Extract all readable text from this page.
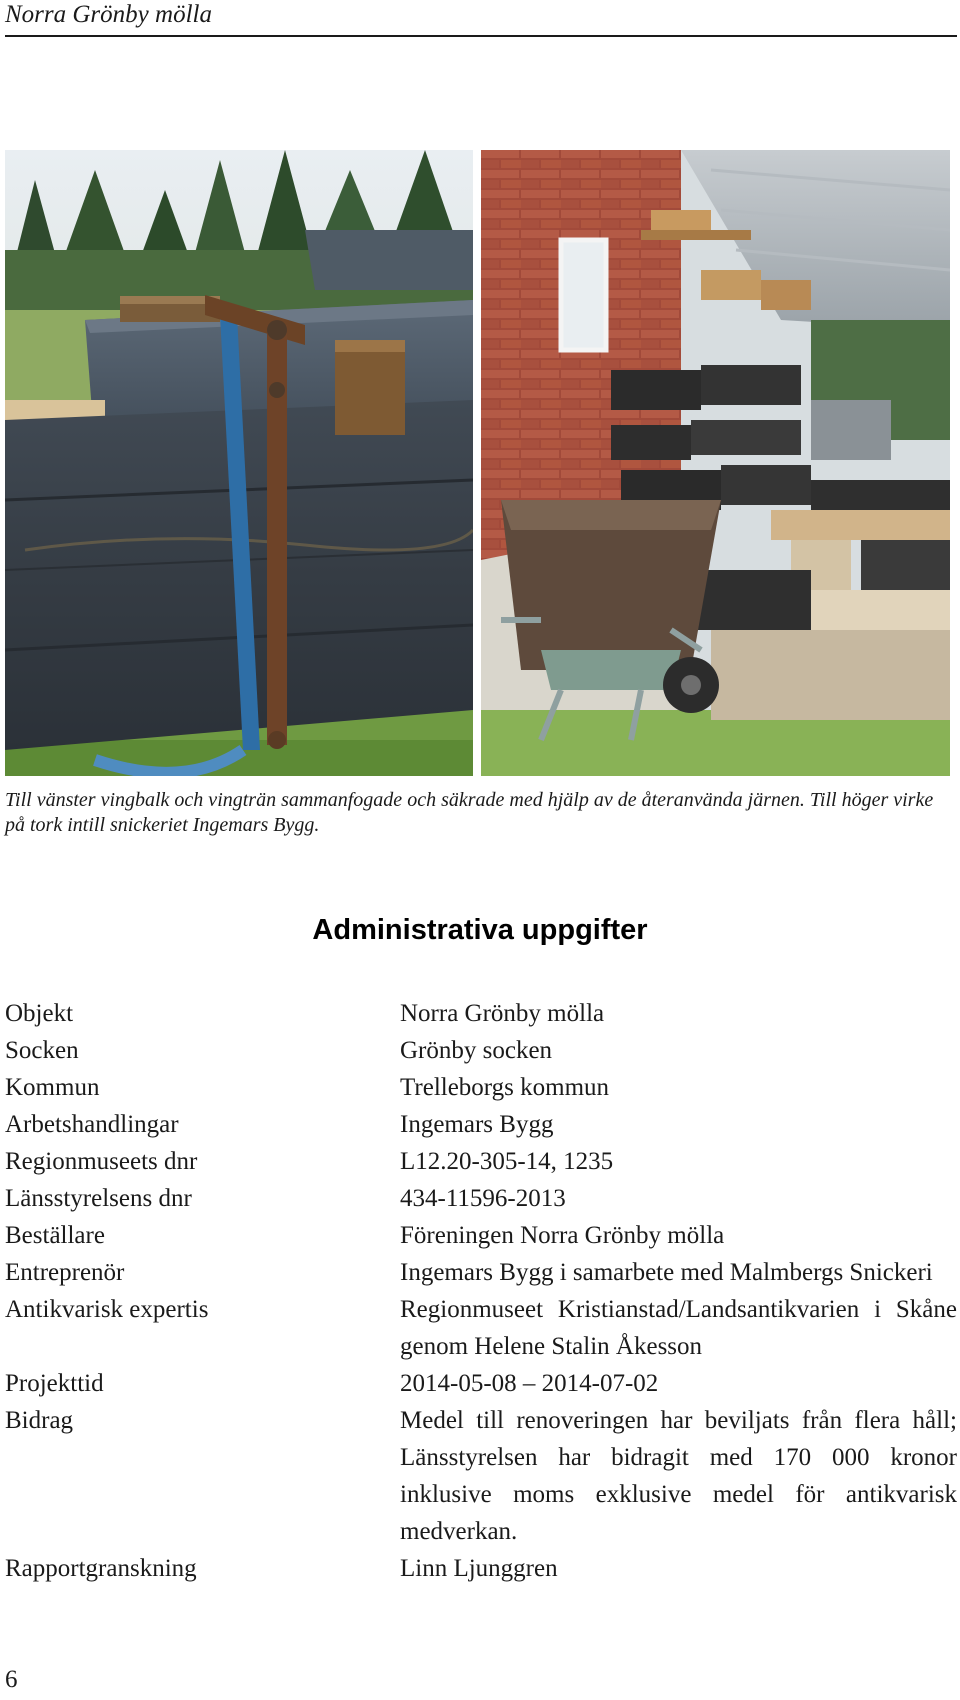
Norra Grönby mölla
Till vänster vingbalk och vingträn sammanfogade och säkrade med hjälp av de återanvända järnen. Till höger virke på tork intill snickeriet Ingemars Bygg.
Administrativa uppgifter
Objekt	Norra Grönby mölla
Socken	Grönby socken
Kommun	Trelleborgs kommun
Arbetshandlingar	Ingemars Bygg
Regionmuseets dnr	L12.20-305-14, 1235
Länsstyrelsens dnr	434-11596-2013
Beställare	Föreningen Norra Grönby mölla
Entreprenör	Ingemars Bygg i samarbete med Malmbergs Snickeri
Antikvarisk expertis	Regionmuseet Kristianstad/Landsantikvarien i Skåne genom Helene Stalin Åkesson
Projekttid	2014-05-08 – 2014-07-02
Bidrag	Medel till renoveringen har beviljats från flera håll; Länsstyrelsen har bidragit med 170 000 kronor inklusive moms exklusive medel för antikvarisk medverkan.
Rapportgranskning	Linn Ljunggren
6
